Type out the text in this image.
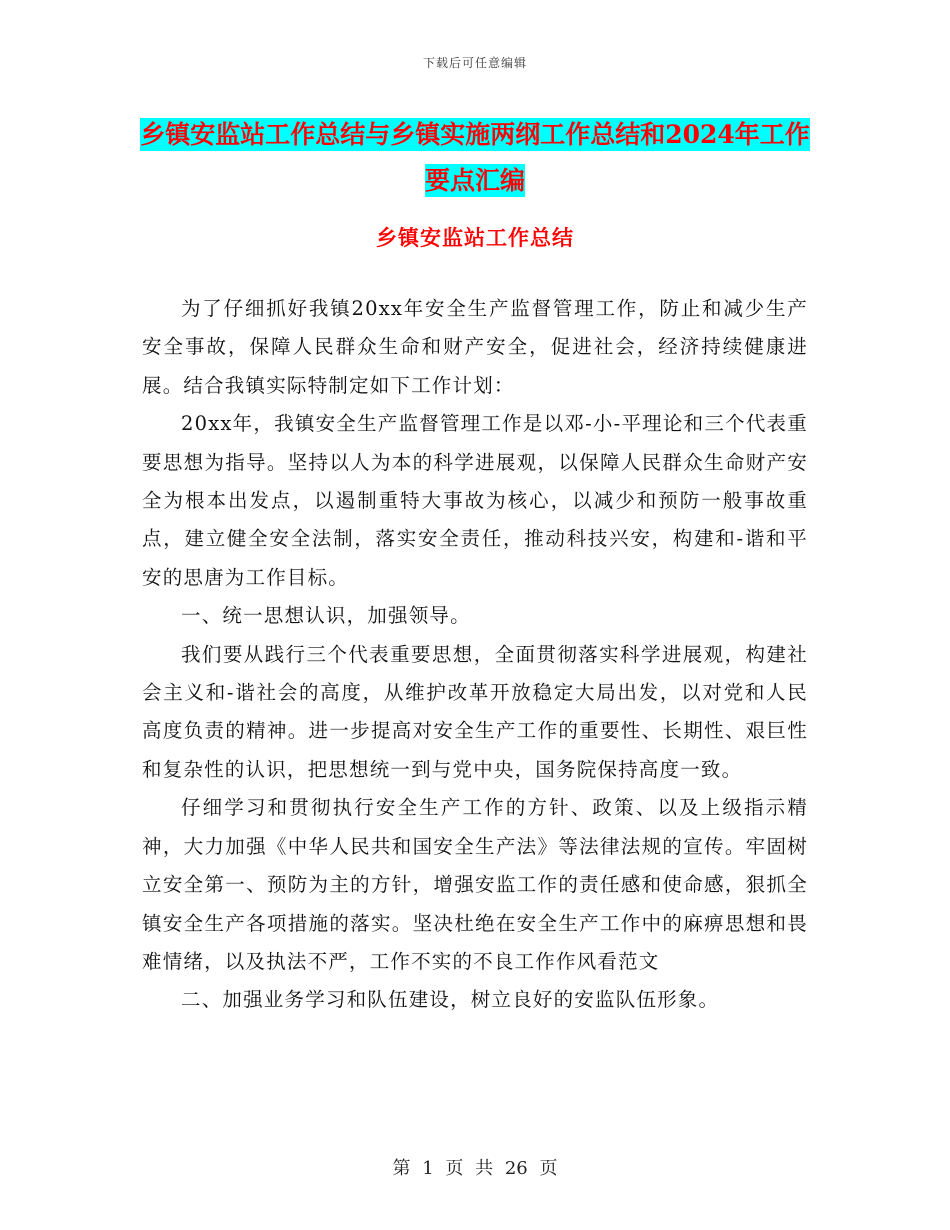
下载后可任意编辑
乡镇安监站工作总结与乡镇实施两纲工作总结和2024年工作要点汇编
乡镇安监站工作总结

为了仔细抓好我镇20xx年安全生产监督管理工作，防止和减少生产安全事故，保障人民群众生命和财产安全，促进社会，经济持续健康进展。结合我镇实际特制定如下工作计划：

20xx年，我镇安全生产监督管理工作是以邓-小-平理论和三个代表重要思想为指导。坚持以人为本的科学进展观，以保障人民群众生命财产安全为根本出发点，以遏制重特大事故为核心，以减少和预防一般事故重点，建立健全安全法制，落实安全责任，推动科技兴安，构建和-谐和平安的思唐为工作目标。

一、统一思想认识，加强领导。

我们要从践行三个代表重要思想，全面贯彻落实科学进展观，构建社会主义和-谐社会的高度，从维护改革开放稳定大局出发，以对党和人民高度负责的精神。进一步提高对安全生产工作的重要性、长期性、艰巨性和复杂性的认识，把思想统一到与党中央，国务院保持高度一致。

仔细学习和贯彻执行安全生产工作的方针、政策、以及上级指示精神，大力加强《中华人民共和国安全生产法》等法律法规的宣传。牢固树立安全第一、预防为主的方针，增强安监工作的责任感和使命感，狠抓全镇安全生产各项措施的落实。坚决杜绝在安全生产工作中的麻痹思想和畏难情绪，以及执法不严，工作不实的不良工作作风看范文

二、加强业务学习和队伍建设，树立良好的安监队伍形象。

第 1 页 共 26 页
